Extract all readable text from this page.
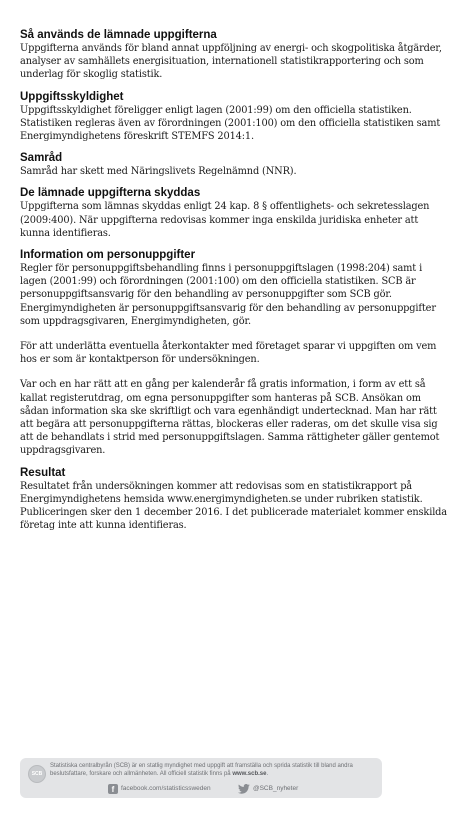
Så används de lämnade uppgifterna

Uppgifterna används för bland annat uppföljning av energi- och skogpolitiska åtgärder, analyser av samhällets energisituation, internationell statistikrapportering och som underlag för skoglig statistik.

Uppgiftsskyldighet

Uppgiftsskyldighet föreligger enligt lagen (2001:99) om den officiella statistiken. Statistiken regleras även av förordningen (2001:100) om den officiella statistiken samt Energimyndighetens föreskrift STEMFS 2014:1.

Samråd

Samråd har skett med Näringslivets Regelnämnd (NNR).

De lämnade uppgifterna skyddas

Uppgifterna som lämnas skyddas enligt 24 kap. 8 § offentlighets- och sekretesslagen (2009:400). När uppgifterna redovisas kommer inga enskilda juridiska enheter att kunna identifieras.

Information om personuppgifter

Regler för personuppgiftsbehandling finns i personuppgiftslagen (1998:204) samt i lagen (2001:99) och förordningen (2001:100) om den officiella statistiken. SCB är personuppgiftsansvarig för den behandling av personuppgifter som SCB gör. Energimyndigheten är personuppgiftsansvarig för den behandling av personuppgifter som uppdragsgivaren, Energimyndigheten, gör.

För att underlätta eventuella återkontakter med företaget sparar vi uppgiften om vem hos er som är kontaktperson för undersökningen.

Var och en har rätt att en gång per kalenderår få gratis information, i form av ett så kallat registerutdrag, om egna personuppgifter som hanteras på SCB. Ansökan om sådan information ska ske skriftligt och vara egenhändigt undertecknad. Man har rätt att begära att personuppgifterna rättas, blockeras eller raderas, om det skulle visa sig att de behandlats i strid med personuppgiftslagen. Samma rättigheter gäller gentemot uppdragsgivaren.

Resultat

Resultatet från undersökningen kommer att redovisas som en statistikrapport på Energimyndighetens hemsida www.energimyndigheten.se under rubriken statistik. Publiceringen sker den 1 december 2016. I det publicerade materialet kommer enskilda företag inte att kunna identifieras.

SCB
Statistiska centralbyrån (SCB) är en statlig myndighet med uppgift att framställa och sprida statistik till bland andra beslutsfattare, forskare och allmänheten. All officiell statistik finns på www.scb.se.
f	facebook.com/statisticssweden	@SCB_nyheter
